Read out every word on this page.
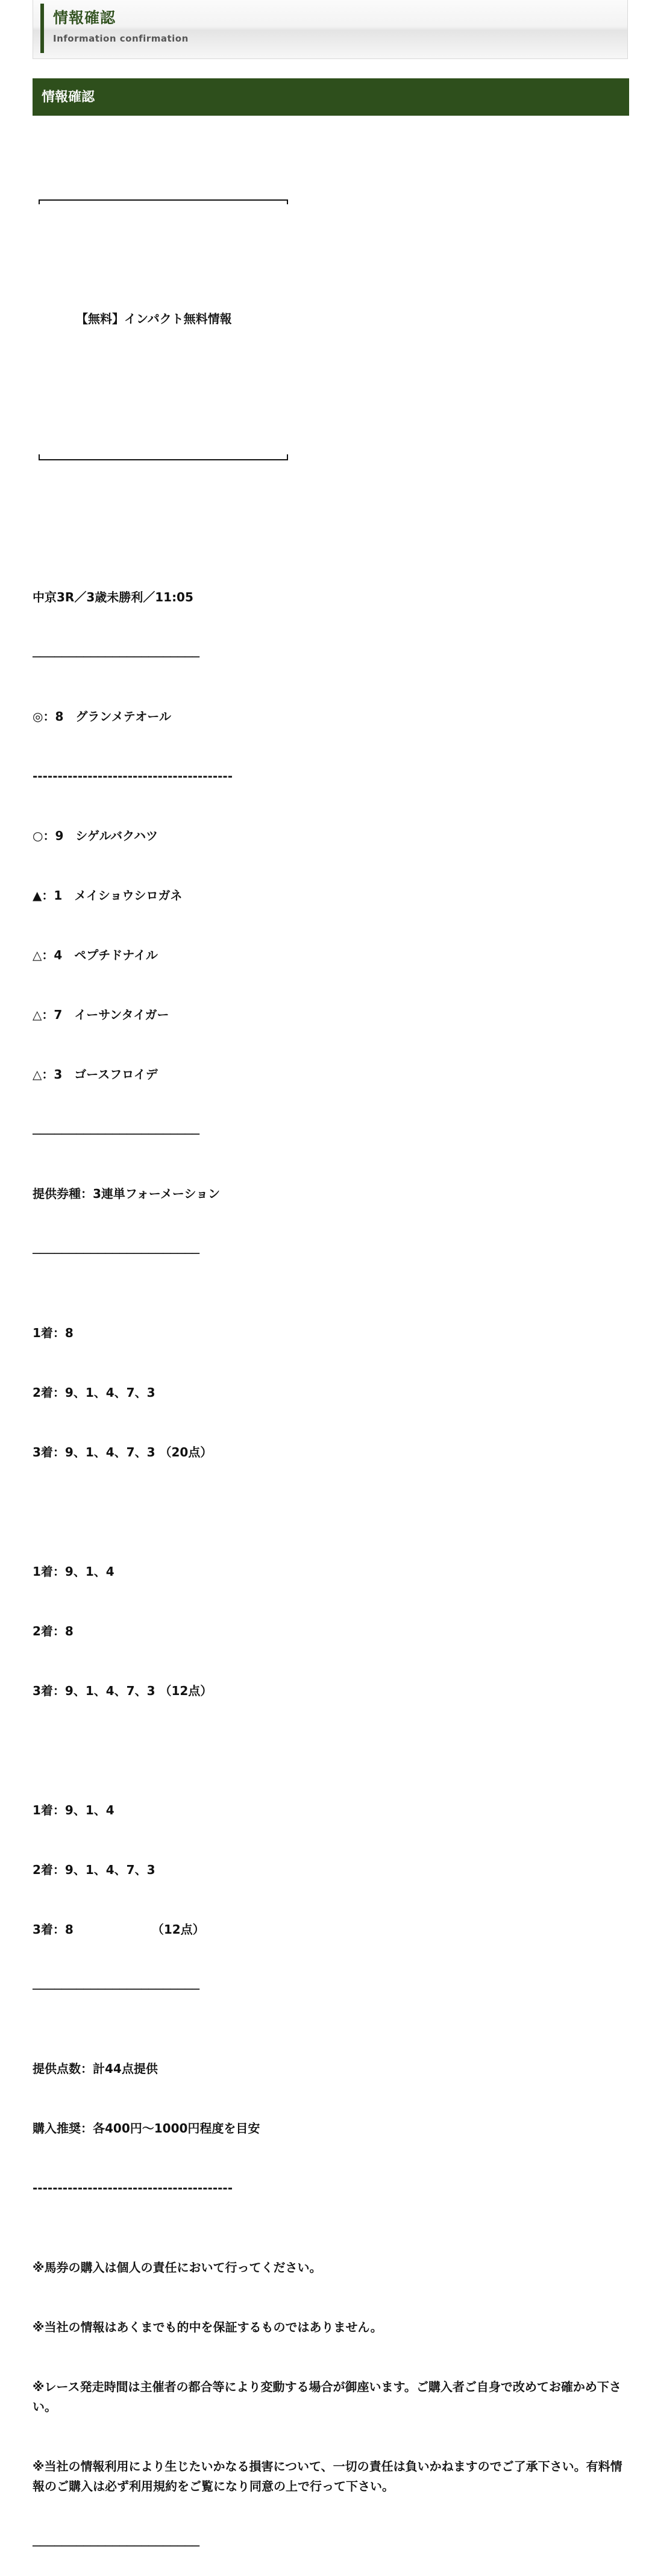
情報確認
Information confirmation
情報確認

【無料】インパクト無料情報

中京3R／3歳未勝利／11:05

───────────────────────

◎：8　グランメテオール

----------------------------------------

○：9　シゲルバクハツ

▲：1　メイショウシロガネ

△：4　ペプチドナイル

△：7　イーサンタイガー

△：3　ゴースフロイデ

───────────────────────

提供券種：3連単フォーメーション

───────────────────────

1着：8

2着：9、1、4、7、3

3着：9、1、4、7、3 （20点）

1着：9、1、4

2着：8

3着：9、1、4、7、3 （12点）

1着：9、1、4

2着：9、1、4、7、3

3着：8　　　　　　　（12点）

───────────────────────

提供点数：計44点提供

購入推奨：各400円～1000円程度を目安

----------------------------------------

※馬券の購入は個人の責任において行ってください。

※当社の情報はあくまでも的中を保証するものではありません。

※レース発走時間は主催者の都合等により変動する場合が御座います。ご購入者ご自身で改めてお確かめ下さい。

※当社の情報利用により生じたいかなる損害について、一切の責任は負いかねますのでご了承下さい。有料情報のご購入は必ず利用規約をご覧になり同意の上で行って下さい。

───────────────────────
